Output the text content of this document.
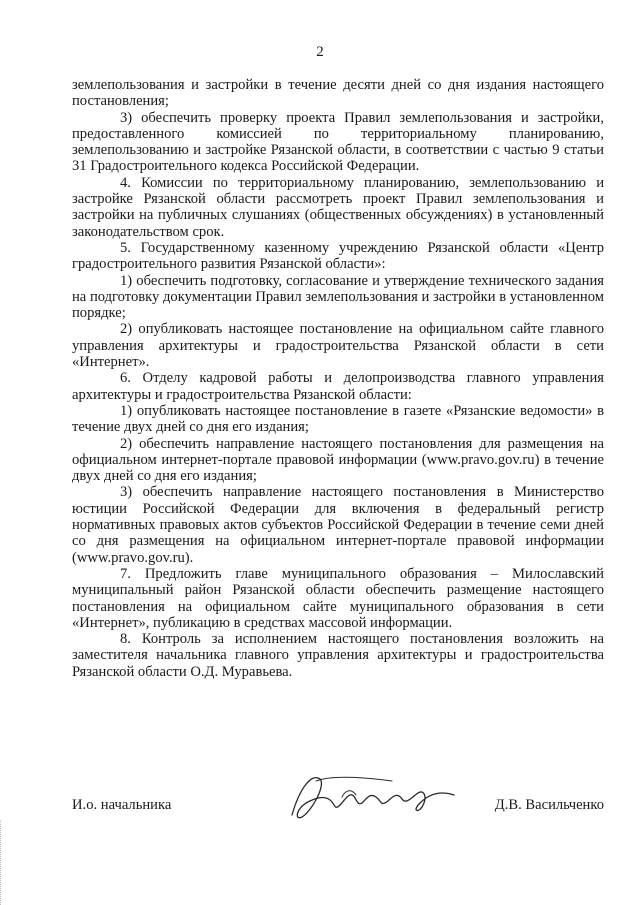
2

землепользования и застройки в течение десяти дней со дня издания настоящего постановления;

3) обеспечить проверку проекта Правил землепользования и застройки, предоставленного комиссией по территориальному планированию, землепользованию и застройке Рязанской области, в соответствии с частью 9 статьи 31 Градостроительного кодекса Российской Федерации.

4. Комиссии по территориальному планированию, землепользованию и застройке Рязанской области рассмотреть проект Правил землепользования и застройки на публичных слушаниях (общественных обсуждениях) в установленный законодательством срок.

5. Государственному казенному учреждению Рязанской области «Центр градостроительного развития Рязанской области»:

1) обеспечить подготовку, согласование и утверждение технического задания на подготовку документации Правил землепользования и застройки в установленном порядке;

2) опубликовать настоящее постановление на официальном сайте главного управления архитектуры и градостроительства Рязанской области в сети «Интернет».

6. Отделу кадровой работы и делопроизводства главного управления архитектуры и градостроительства Рязанской области:

1) опубликовать настоящее постановление в газете «Рязанские ведомости» в течение двух дней со дня его издания;

2) обеспечить направление настоящего постановления для размещения на официальном интернет-портале правовой информации (www.pravo.gov.ru) в течение двух дней со дня его издания;

3) обеспечить направление настоящего постановления в Министерство юстиции Российской Федерации для включения в федеральный регистр нормативных правовых актов субъектов Российской Федерации в течение семи дней со дня размещения на официальном интернет-портале правовой информации (www.pravo.gov.ru).

7. Предложить главе муниципального образования – Милославский муниципальный район Рязанской области обеспечить размещение настоящего постановления на официальном сайте муниципального образования в сети «Интернет», публикацию в средствах массовой информации.

8. Контроль за исполнением настоящего постановления возложить на заместителя начальника главного управления архитектуры и градостроительства Рязанской области О.Д. Муравьева.

И.о. начальника	Д.В. Васильченко
